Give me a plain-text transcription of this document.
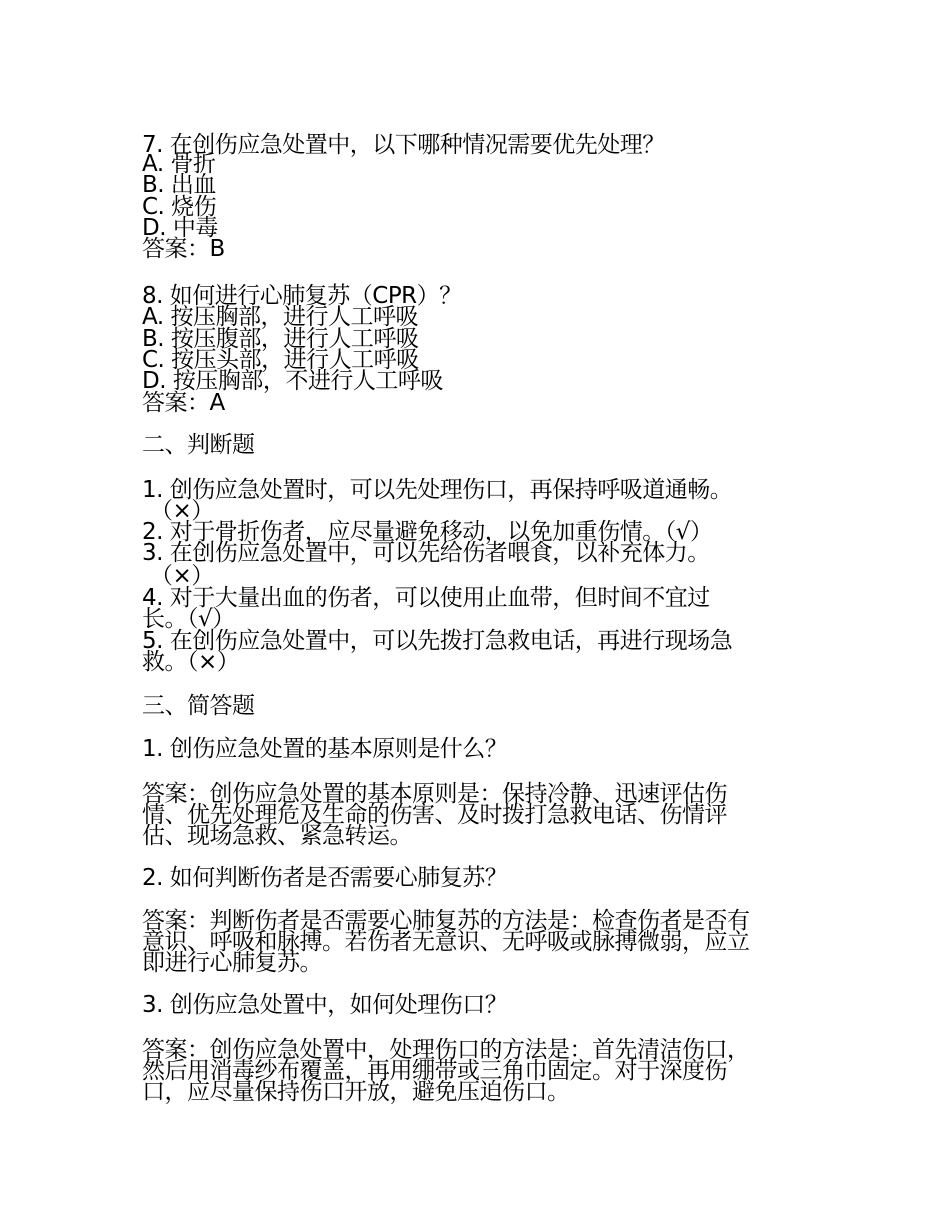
7. 在创伤应急处置中，以下哪种情况需要优先处理？
A. 骨折
B. 出血
C. 烧伤
D. 中毒
答案：B
8. 如何进行心肺复苏（CPR）？
A. 按压胸部，进行人工呼吸
B. 按压腹部，进行人工呼吸
C. 按压头部，进行人工呼吸
D. 按压胸部，不进行人工呼吸
答案：A
二、判断题
1. 创伤应急处置时，可以先处理伤口，再保持呼吸道通畅。
（×）
2. 对于骨折伤者，应尽量避免移动，以免加重伤情。（√）
3. 在创伤应急处置中，可以先给伤者喂食，以补充体力。
（×）
4. 对于大量出血的伤者，可以使用止血带，但时间不宜过
长。（√）
5. 在创伤应急处置中，可以先拨打急救电话，再进行现场急
救。（×）
三、简答题
1. 创伤应急处置的基本原则是什么？
答案：创伤应急处置的基本原则是：保持冷静、迅速评估伤
情、优先处理危及生命的伤害、及时拨打急救电话、伤情评
估、现场急救、紧急转运。
2. 如何判断伤者是否需要心肺复苏？
答案：判断伤者是否需要心肺复苏的方法是：检查伤者是否有
意识、呼吸和脉搏。若伤者无意识、无呼吸或脉搏微弱，应立
即进行心肺复苏。
3. 创伤应急处置中，如何处理伤口？
答案：创伤应急处置中，处理伤口的方法是：首先清洁伤口，
然后用消毒纱布覆盖，再用绷带或三角巾固定。对于深度伤
口，应尽量保持伤口开放，避免压迫伤口。
